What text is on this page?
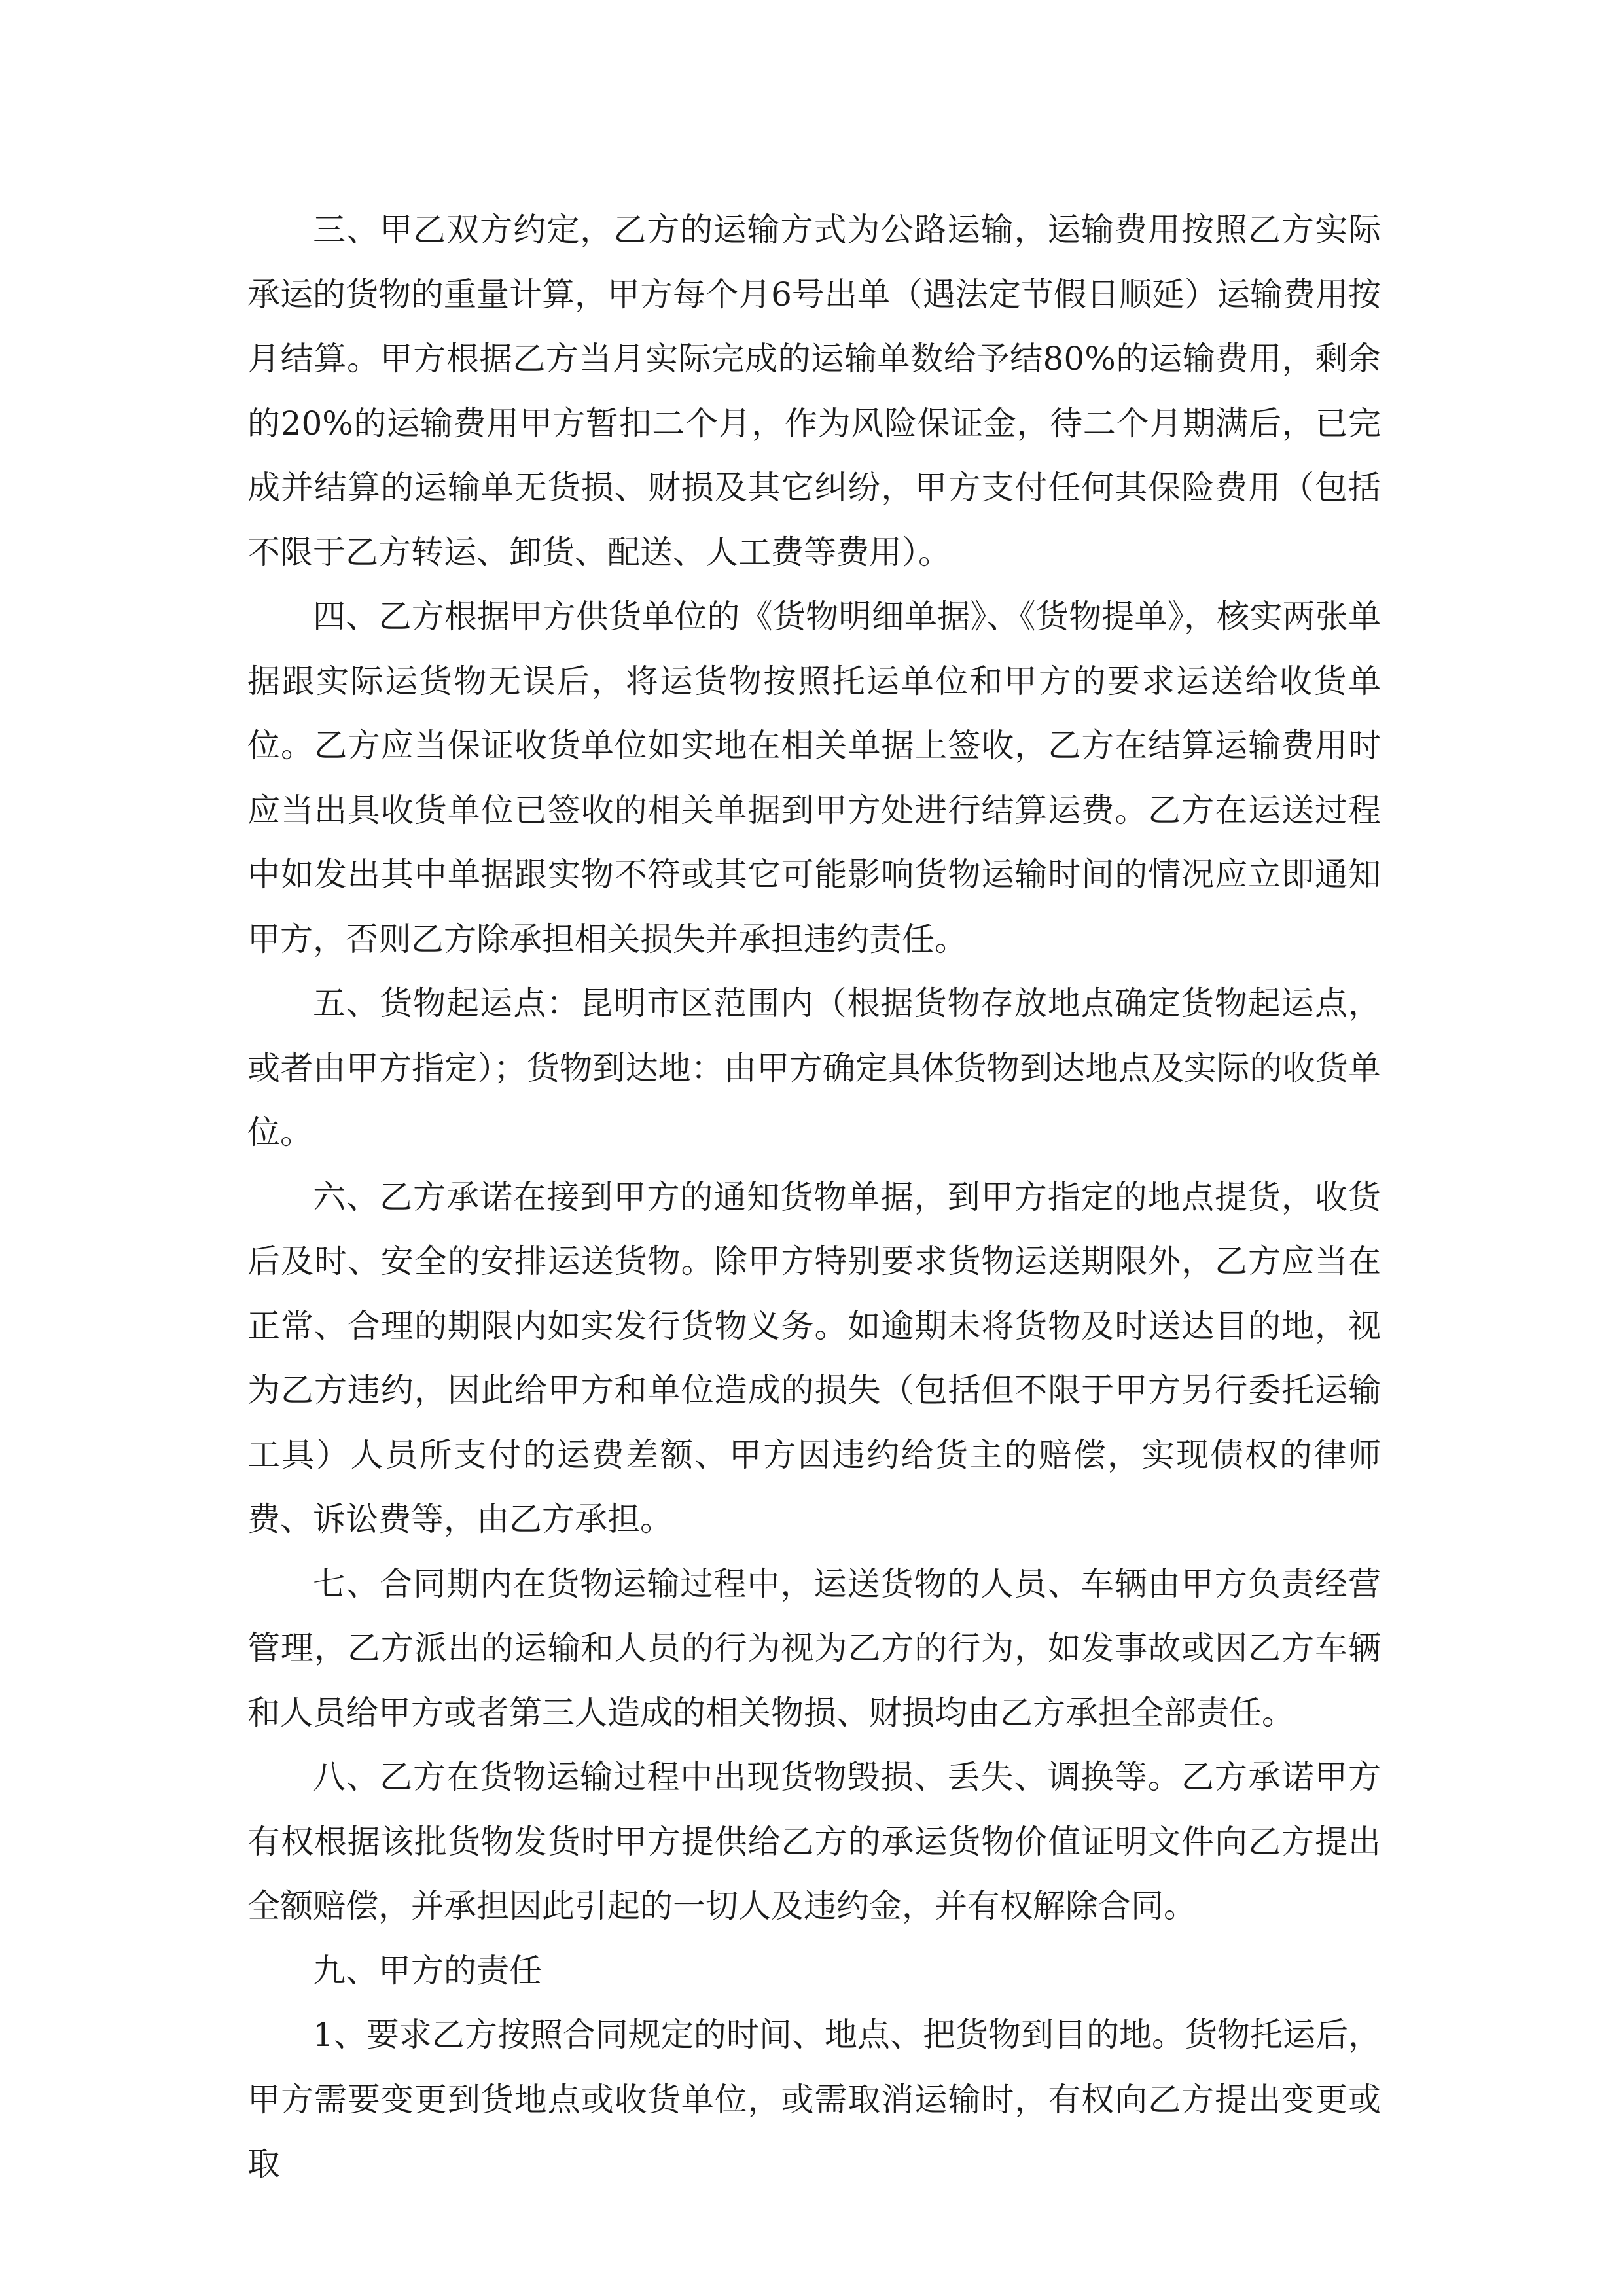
三、甲乙双方约定，乙方的运输方式为公路运输，运输费用按照乙方实际承运的货物的重量计算，甲方每个月6号出单（遇法定节假日顺延）运输费用按月结算。甲方根据乙方当月实际完成的运输单数给予结80%的运输费用，剩余的20%的运输费用甲方暂扣二个月，作为风险保证金，待二个月期满后，已完成并结算的运输单无货损、财损及其它纠纷，甲方支付任何其保险费用（包括不限于乙方转运、卸货、配送、人工费等费用）。

四、乙方根据甲方供货单位的《货物明细单据》、《货物提单》，核实两张单据跟实际运货物无误后，将运货物按照托运单位和甲方的要求运送给收货单位。乙方应当保证收货单位如实地在相关单据上签收，乙方在结算运输费用时应当出具收货单位已签收的相关单据到甲方处进行结算运费。乙方在运送过程中如发出其中单据跟实物不符或其它可能影响货物运输时间的情况应立即通知甲方，否则乙方除承担相关损失并承担违约责任。

五、货物起运点：昆明市区范围内（根据货物存放地点确定货物起运点，或者由甲方指定）；货物到达地：由甲方确定具体货物到达地点及实际的收货单位。

六、乙方承诺在接到甲方的通知货物单据，到甲方指定的地点提货，收货后及时、安全的安排运送货物。除甲方特别要求货物运送期限外，乙方应当在正常、合理的期限内如实发行货物义务。如逾期未将货物及时送达目的地，视为乙方违约，因此给甲方和单位造成的损失（包括但不限于甲方另行委托运输工具）人员所支付的运费差额、甲方因违约给货主的赔偿，实现债权的律师费、诉讼费等，由乙方承担。

七、合同期内在货物运输过程中，运送货物的人员、车辆由甲方负责经营管理，乙方派出的运输和人员的行为视为乙方的行为，如发事故或因乙方车辆和人员给甲方或者第三人造成的相关物损、财损均由乙方承担全部责任。

八、乙方在货物运输过程中出现货物毁损、丢失、调换等。乙方承诺甲方有权根据该批货物发货时甲方提供给乙方的承运货物价值证明文件向乙方提出全额赔偿，并承担因此引起的一切人及违约金，并有权解除合同。

九、甲方的责任

1、要求乙方按照合同规定的时间、地点、把货物到目的地。货物托运后，甲方需要变更到货地点或收货单位，或需取消运输时，有权向乙方提出变更或取
